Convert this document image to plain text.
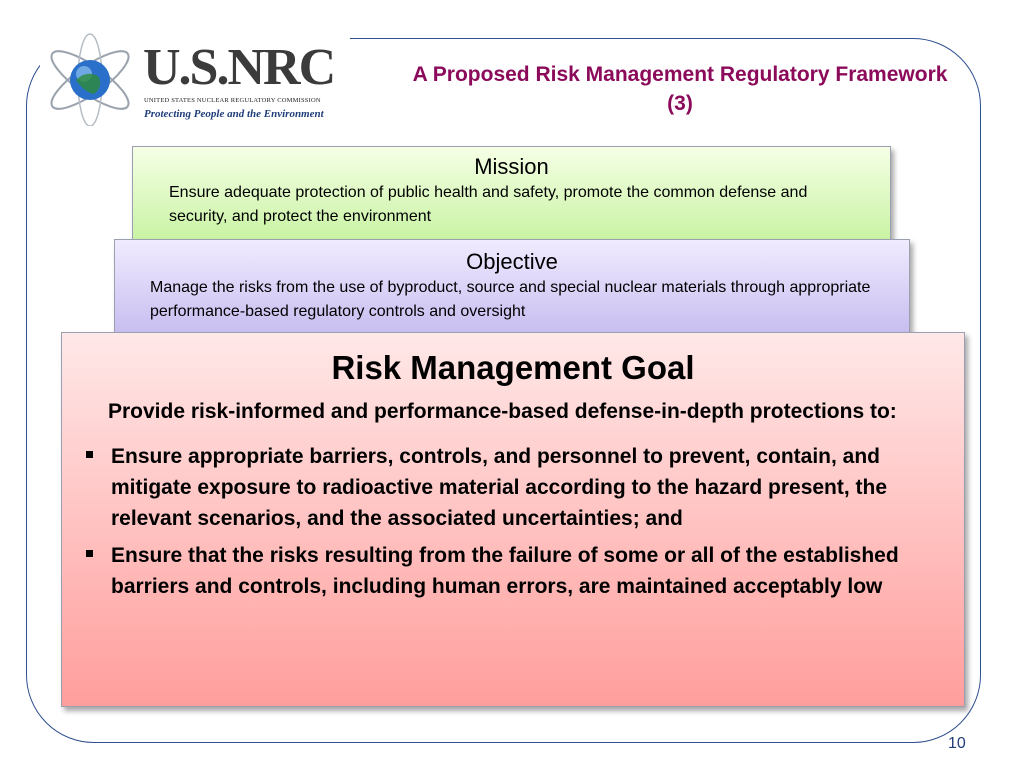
U.S.NRC
UNITED STATES NUCLEAR REGULATORY COMMISSION
Protecting People and the Environment
A Proposed Risk Management Regulatory Framework (3)
Mission
Ensure adequate protection of public health and safety, promote the common defense and security, and protect the environment
Objective
Manage the risks from the use of byproduct, source and special nuclear materials through appropriate performance-based regulatory controls and oversight
Risk Management Goal
Provide risk-informed and performance-based defense-in-depth protections to:
Ensure appropriate barriers, controls, and personnel to prevent, contain, and mitigate exposure to radioactive material according to the hazard present, the relevant scenarios, and the associated uncertainties; and
Ensure that the risks resulting from the failure of some or all of the established barriers and controls, including human errors, are maintained acceptably low
10
